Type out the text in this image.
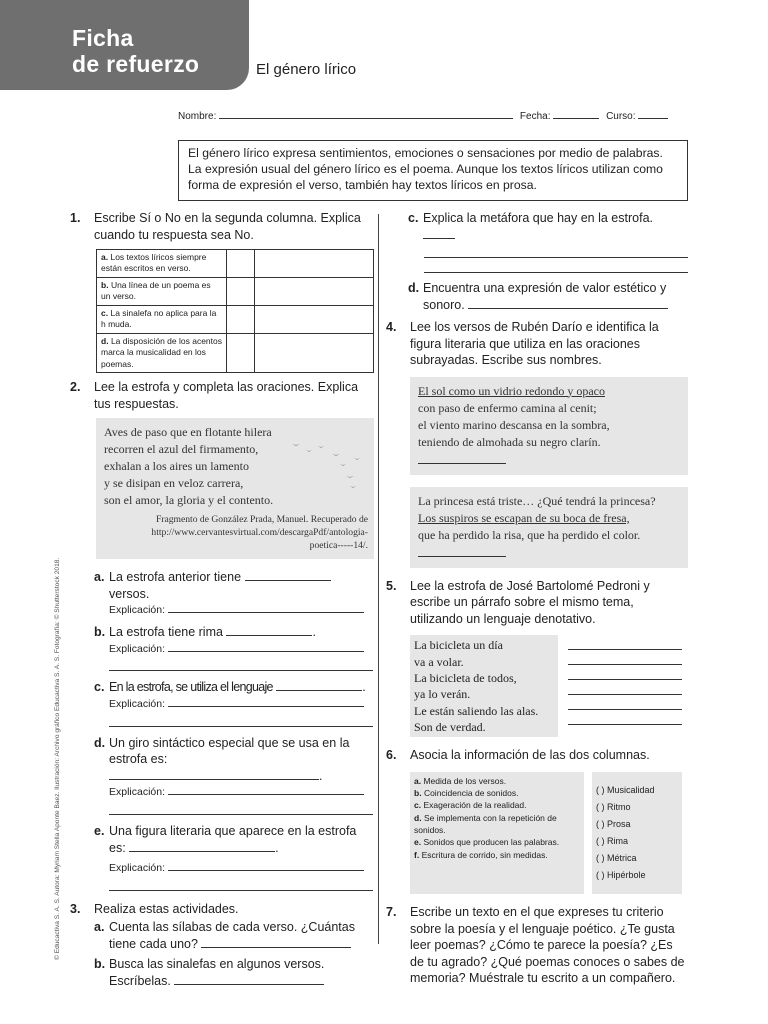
Ficha
de refuerzo	El género lírico
Nombre:	Fecha:	Curso:
El género lírico expresa sentimientos, emociones o sensaciones por medio de palabras. La expresión usual del género lírico es el poema. Aunque los textos líricos utilizan como forma de expresión el verso, también hay textos líricos en prosa.
© Educactiva S. A. S. Autora: Myriam Stella Aponte Baez. Ilustración: Archivo gráfico Educactiva S. A. S. Fotografía: © Shutterstock 2018.
1.	Escribe Sí o No en la segunda columna. Explica cuando tu respuesta sea No.
a. Los textos líricos siempre están escritos en verso.		
b. Una línea de un poema es un verso.		
c. La sinalefa no aplica para la h muda.		
d. La disposición de los acentos marca la musicalidad en los poemas.		
2.	Lee la estrofa y completa las oraciones. Explica tus respuestas.
Aves de paso que en flotante hilera
recorren el azul del firmamento,
exhalan a los aires un lamento
y se disipan en veloz carrera,
son el amor, la gloria y el contento.
Fragmento de González Prada, Manuel. Recuperado de
http://www.cervantesvirtual.com/descargaPdf/antologia-
poetica-----14/.
a. La estrofa anterior tiene  versos.
Explicación:
b. La estrofa tiene rima	.
Explicación:
c. En la estrofa, se utiliza el lenguaje	.
Explicación:
d. Un giro sintáctico especial que se usa en la estrofa es: .
Explicación:
e. Una figura literaria que aparece en la estrofa es:	.
Explicación:
3.	Realiza estas actividades.
a. Cuenta las sílabas de cada verso. ¿Cuántas tiene cada uno?
b. Busca las sinalefas en algunos versos. Escríbelas.
c. Explica la metáfora que hay en la estrofa.
d. Encuentra una expresión de valor estético y sonoro.
4.	Lee los versos de Rubén Darío e identifica la figura literaria que utiliza en las oraciones subrayadas. Escribe sus nombres.
El sol como un vidrio redondo y opaco
con paso de enfermo camina al cenit;
el viento marino descansa en la sombra,
teniendo de almohada su negro clarín.
La princesa está triste… ¿Qué tendrá la princesa?
Los suspiros se escapan de su boca de fresa,
que ha perdido la risa, que ha perdido el color.
5.	Lee la estrofa de José Bartolomé Pedroni y escribe un párrafo sobre el mismo tema, utilizando un lenguaje denotativo.
La bicicleta un día
va a volar.
La bicicleta de todos,
ya lo verán.
Le están saliendo las alas.
Son de verdad.
6.	Asocia la información de las dos columnas.
a. Medida de los versos.
b. Coincidencia de sonidos.
c. Exageración de la realidad.
d. Se implementa con la repetición de sonidos.
e. Sonidos que producen las palabras.
f. Escritura de corrido, sin medidas.
( ) Musicalidad
( ) Ritmo
( ) Prosa
( ) Rima
( ) Métrica
( ) Hipérbole
7.	Escribe un texto en el que expreses tu criterio sobre la poesía y el lenguaje poético. ¿Te gusta leer poemas? ¿Cómo te parece la poesía? ¿Es de tu agrado? ¿Qué poemas conoces o sabes de memoria? Muéstrale tu escrito a un compañero.
